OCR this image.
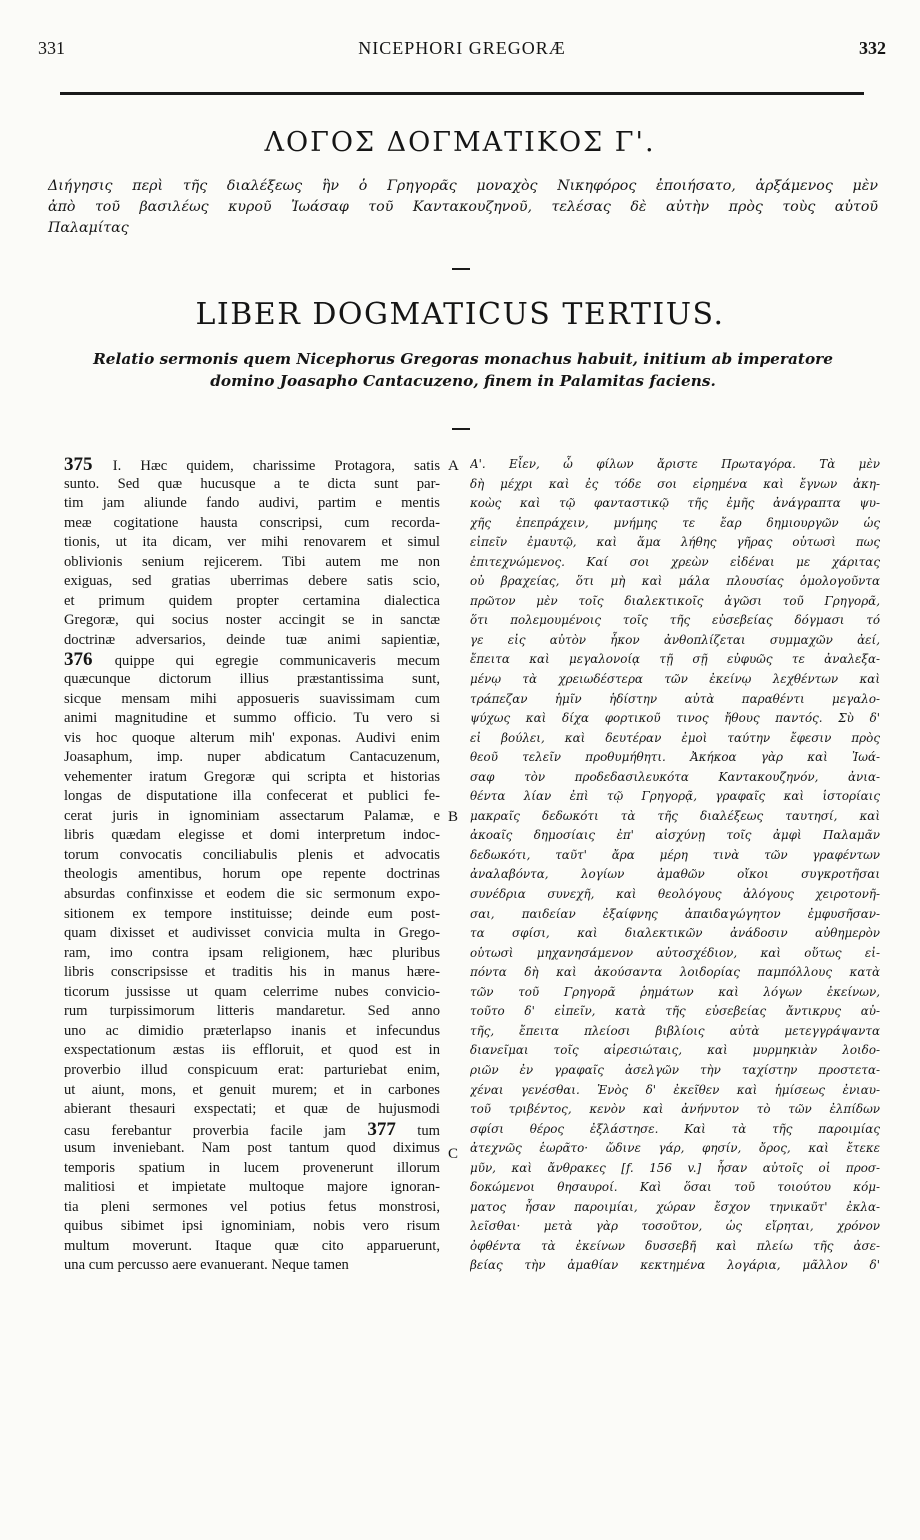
331	NICEPHORI GREGORÆ	332
ΛΟΓΟΣ ΔΟΓΜΑΤΙΚΟΣ Γ'.
Διήγησις περὶ τῆς διαλέξεως ἣν ὁ Γρηγορᾶς μοναχὸς Νικηφόρος ἐποιήσατο, ἀρξάμενος μὲν
ἀπὸ τοῦ βασιλέως κυροῦ Ἰωάσαφ τοῦ Καντακουζηνοῦ, τελέσας δὲ αὐτὴν πρὸς τοὺς αὐτοῦ
Παλαμίτας
LIBER DOGMATICUS TERTIUS.
Relatio sermonis quem Nicephorus Gregoras monachus habuit, initium ab imperatore
domino Joasapho Cantacuzeno, finem in Palamitas faciens.
A
B
C
375 I. Hæc quidem, charissime Protagora, satis
sunto. Sed quæ hucusque a te dicta sunt par-
tim jam aliunde fando audivi, partim e mentis
meæ cogitatione hausta conscripsi, cum recorda-
tionis, ut ita dicam, ver mihi renovarem et simul
oblivionis senium rejicerem. Tibi autem me non
exiguas, sed gratias uberrimas debere satis scio,
et primum quidem propter certamina dialectica
Gregoræ, qui socius noster accingit se in sanctæ
doctrinæ adversarios, deinde tuæ animi sapientiæ,
376 quippe qui egregie communicaveris mecum
quæcunque dictorum illius præstantissima sunt,
sicque mensam mihi apposueris suavissimam cum
animi magnitudine et summo officio. Tu vero si
vis hoc quoque alterum mih' exponas. Audivi enim
Joasaphum, imp. nuper abdicatum Cantacuzenum,
vehementer iratum Gregoræ qui scripta et historias
longas de disputatione illa confecerat et publici fe-
cerat juris in ignominiam assectarum Palamæ, e
libris quædam elegisse et domi interpretum indoc-
torum convocatis conciliabulis plenis et advocatis
theologis amentibus, horum ope repente doctrinas
absurdas confinxisse et eodem die sic sermonum expo-
sitionem ex tempore instituisse; deinde eum post-
quam dixisset et audivisset convicia multa in Grego-
ram, imo contra ipsam religionem, hæc pluribus
libris conscripsisse et traditis his in manus hære-
ticorum jussisse ut quam celerrime nubes convicio-
rum turpissimorum litteris mandaretur. Sed anno
uno ac dimidio præterlapso inanis et infecundus
exspectationum æstas iis effloruit, et quod est in
proverbio illud conspicuum erat: parturiebat enim,
ut aiunt, mons, et genuit murem; et in carbones
abierant thesauri exspectati; et quæ de hujusmodi
casu ferebantur proverbia facile jam 377 tum
usum inveniebant. Nam post tantum quod diximus
temporis spatium in lucem provenerunt illorum
malitiosi et impietate multoque majore ignoran-
tia pleni sermones vel potius fetus monstrosi,
quibus sibimet ipsi ignominiam, nobis vero risum
multum moverunt. Itaque quæ cito apparuerunt,
una cum percusso aere evanuerant. Neque tamen
Α'. Εἶεν, ὦ φίλων ἄριστε Πρωταγόρα. Τὰ μὲν
δὴ μέχρι καὶ ἐς τόδε σοι εἰρημένα καὶ ἔγνων ἀκη-
κοὼς καὶ τῷ φανταστικῷ τῆς ἐμῆς ἀνάγραπτα ψυ-
χῆς ἐπεπράχειν, μνήμης τε ἔαρ δημιουργῶν ὡς
εἰπεῖν ἐμαυτῷ, καὶ ἅμα λήθης γῆρας οὑτωσὶ πως
ἐπιτεχνώμενος. Καί σοι χρεὼν εἰδέναι με χάριτας
οὐ βραχείας, ὅτι μὴ καὶ μάλα πλουσίας ὁμολογοῦντα
πρῶτον μὲν τοῖς διαλεκτικοῖς ἀγῶσι τοῦ Γρηγορᾶ,
ὅτι πολεμουμένοις τοῖς τῆς εὐσεβείας δόγμασι τό
γε εἰς αὐτὸν ἧκον ἀνθοπλίζεται συμμαχῶν ἀεί,
ἔπειτα καὶ μεγαλονοίᾳ τῇ σῇ εὐφυῶς τε ἀναλεξα-
μένῳ τὰ χρειωδέστερα τῶν ἐκείνῳ λεχθέντων καὶ
τράπεζαν ἡμῖν ἡδίστην αὐτὰ παραθέντι μεγαλο-
ψύχως καὶ δίχα φορτικοῦ τινος ἤθους παντός. Σὺ δ'
εἰ βούλει, καὶ δευτέραν ἐμοὶ ταύτην ἔφεσιν πρὸς
θεοῦ τελεῖν προθυμήθητι. Ἀκήκοα γὰρ καὶ Ἰωά-
σαφ τὸν προδεδασιλευκότα Καντακουζηνόν, ἀνια-
θέντα λίαν ἐπὶ τῷ Γρηγορᾷ, γραφαῖς καὶ ἱστορίαις
μακραῖς δεδωκότι τὰ τῆς διαλέξεως ταυτησί, καὶ
ἀκοαῖς δημοσίαις ἐπ' αἰσχύνῃ τοῖς ἀμφὶ Παλαμᾶν
δεδωκότι, ταῦτ' ἄρα μέρη τινὰ τῶν γραφέντων
ἀναλαβόντα, λογίων ἀμαθῶν οἴκοι συγκροτῆσαι
συνέδρια συνεχῆ, καὶ θεολόγους ἀλόγους χειροτονῆ-
σαι, παιδείαν ἐξαίφνης ἀπαιδαγώγητον ἐμφυσῆσαν-
τα σφίσι, καὶ διαλεκτικῶν ἀνάδοσιν αὐθημερὸν
οὑτωσὶ μηχανησάμενον αὐτοσχέδιον, καὶ οὕτως εἰ-
πόντα δὴ καὶ ἀκούσαντα λοιδορίας παμπόλλους κατὰ
τῶν τοῦ Γρηγορᾶ ῥημάτων καὶ λόγων ἐκείνων,
τοῦτο δ' εἰπεῖν, κατὰ τῆς εὐσεβείας ἄντικρυς αὐ-
τῆς, ἔπειτα πλείοσι βιβλίοις αὐτὰ μετεγγράψαντα
διανεῖμαι τοῖς αἱρεσιώταις, καὶ μυρμηκιὰν λοιδο-
ριῶν ἐν γραφαῖς ἀσελγῶν τὴν ταχίστην προστετα-
χέναι γενέσθαι. Ἑνὸς δ' ἐκεῖθεν καὶ ἡμίσεως ἐνιαυ-
τοῦ τριβέντος, κενὸν καὶ ἀνήνυτον τὸ τῶν ἐλπίδων
σφίσι θέρος ἐξλάστησε. Καὶ τὰ τῆς παροιμίας
ἀτεχνῶς ἑωρᾶτο· ὤδινε γάρ, φησίν, ὄρος, καὶ ἔτεκε
μῦν, καὶ ἄνθρακες [f. 156 v.] ἦσαν αὐτοῖς οἱ προσ-
δοκώμενοι θησαυροί. Καὶ ὅσαι τοῦ τοιούτου κόμ-
ματος ἦσαν παροιμίαι, χώραν ἔσχον τηνικαῦτ' ἐκλα-
λεῖσθαι· μετὰ γὰρ τοσοῦτον, ὡς εἴρηται, χρόνον
ὀφθέντα τὰ ἐκείνων δυσσεβῆ καὶ πλείω τῆς ἀσε-
βείας τὴν ἀμαθίαν κεκτημένα λογάρια, μᾶλλον δ'
